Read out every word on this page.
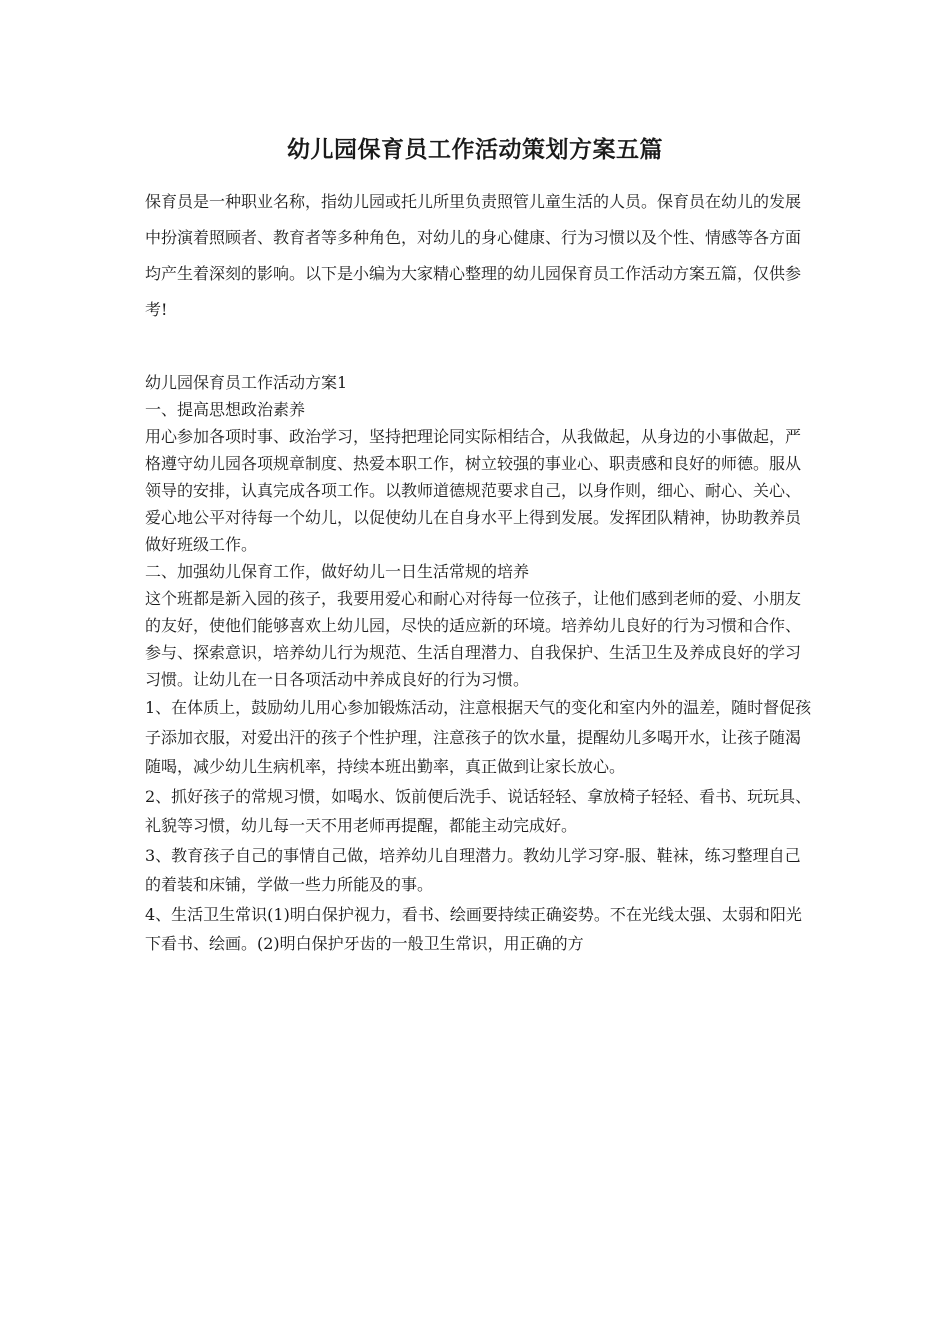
幼儿园保育员工作活动策划方案五篇

保育员是一种职业名称，指幼儿园或托儿所里负责照管儿童生活的人员。保育员在幼儿的发展中扮演着照顾者、教育者等多种角色，对幼儿的身心健康、行为习惯以及个性、情感等各方面均产生着深刻的影响。以下是小编为大家精心整理的幼儿园保育员工作活动方案五篇，仅供参考!

幼儿园保育员工作活动方案1

一、提高思想政治素养

用心参加各项时事、政治学习，坚持把理论同实际相结合，从我做起，从身边的小事做起，严格遵守幼儿园各项规章制度、热爱本职工作，树立较强的事业心、职责感和良好的师德。服从领导的安排，认真完成各项工作。以教师道德规范要求自己，以身作则，细心、耐心、关心、爱心地公平对待每一个幼儿，以促使幼儿在自身水平上得到发展。发挥团队精神，协助教养员做好班级工作。

二、加强幼儿保育工作，做好幼儿一日生活常规的培养

这个班都是新入园的孩子，我要用爱心和耐心对待每一位孩子，让他们感到老师的爱、小朋友的友好，使他们能够喜欢上幼儿园，尽快的适应新的环境。培养幼儿良好的行为习惯和合作、参与、探索意识，培养幼儿行为规范、生活自理潜力、自我保护、生活卫生及养成良好的学习习惯。让幼儿在一日各项活动中养成良好的行为习惯。

1、在体质上，鼓励幼儿用心参加锻炼活动，注意根据天气的变化和室内外的温差，随时督促孩子添加衣服，对爱出汗的孩子个性护理，注意孩子的饮水量，提醒幼儿多喝开水，让孩子随渴随喝，减少幼儿生病机率，持续本班出勤率，真正做到让家长放心。

2、抓好孩子的常规习惯，如喝水、饭前便后洗手、说话轻轻、拿放椅子轻轻、看书、玩玩具、礼貌等习惯，幼儿每一天不用老师再提醒，都能主动完成好。

3、教育孩子自己的事情自己做，培养幼儿自理潜力。教幼儿学习穿-服、鞋袜，练习整理自己的着装和床铺，学做一些力所能及的事。

4、生活卫生常识(1)明白保护视力，看书、绘画要持续正确姿势。不在光线太强、太弱和阳光下看书、绘画。(2)明白保护牙齿的一般卫生常识，用正确的方
